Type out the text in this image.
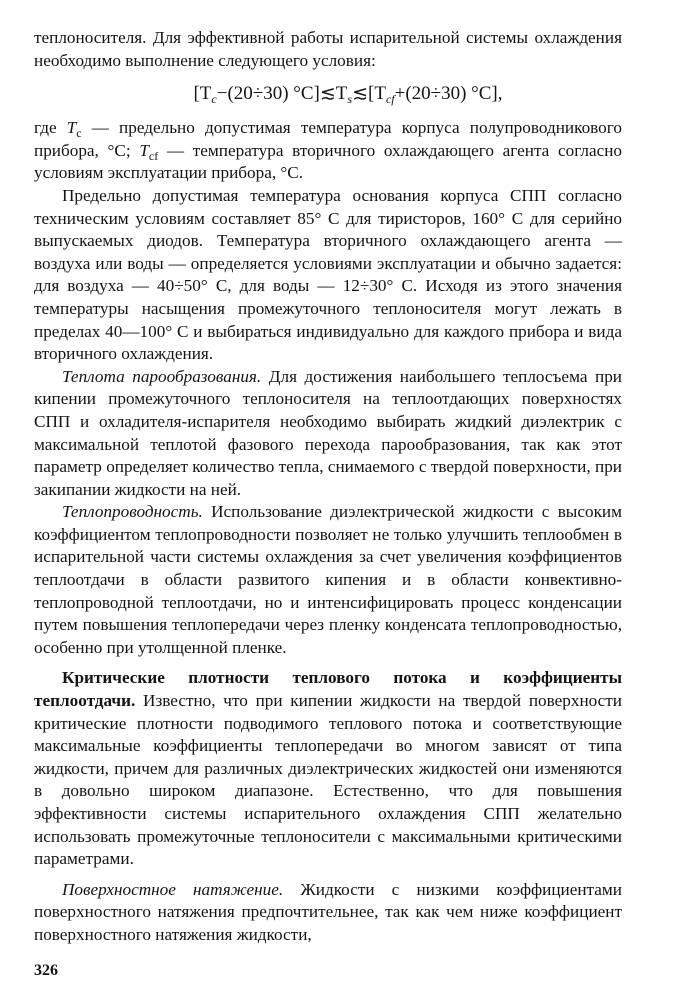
теплоносителя. Для эффективной работы испарительной системы охлаждения необходимо выполнение следующего условия:

[$T_c-(20\div 30)$ $^\circ C]≲T_s≲[T_{cf}+(20\div 30)$ °C],

где $T_c$ — предельно допустимая температура корпуса полупроводникового прибора, °C; $T_{cf}$ — температура вторичного охлаждающего агента согласно условиям эксплуатации прибора, °C.

Предельно допустимая температура основания корпуса СПП согласно техническим условиям составляет 85° C для тиристоров, 160° C для серийно выпускаемых диодов. Температура вторичного охлаждающего агента — воздуха или воды — определяется условиями эксплуатации и обычно задается: для воздуха — 40÷50° C, для воды — 12÷30° C. Исходя из этого значения температуры насыщения промежуточного теплоносителя могут лежать в пределах 40—100° C и выбираться индивидуально для каждого прибора и вида вторичного охлаждения.

Теплота парообразования. Для достижения наибольшего теплосъема при кипении промежуточного теплоносителя на теплоотдающих поверхностях СПП и охладителя-испарителя необходимо выбирать жидкий диэлектрик с максимальной теплотой фазового перехода парообразования, так как этот параметр определяет количество тепла, снимаемого с твердой поверхности, при закипании жидкости на ней.

Теплопроводность. Использование диэлектрической жидкости с высоким коэффициентом теплопроводности позволяет не только улучшить теплообмен в испарительной части системы охлаждения за счет увеличения коэффициентов теплоотдачи в области развитого кипения и в области конвективно-теплопроводной теплоотдачи, но и интенсифицировать процесс конденсации путем повышения теплопередачи через пленку конденсата теплопроводностью, особенно при утолщенной пленке.

Критические плотности теплового потока и коэффициенты теплоотдачи. Известно, что при кипении жидкости на твердой поверхности критические плотности подводимого теплового потока и соответствующие максимальные коэффициенты теплопередачи во многом зависят от типа жидкости, причем для различных диэлектрических жидкостей они изменяются в довольно широком диапазоне. Естественно, что для повышения эффективности системы испарительного охлаждения СПП желательно использовать промежуточные теплоносители с максимальными критическими параметрами.

Поверхностное натяжение. Жидкости с низкими коэффициентами поверхностного натяжения предпочтительнее, так как чем ниже коэффициент поверхностного натяжения жидкости,

326
